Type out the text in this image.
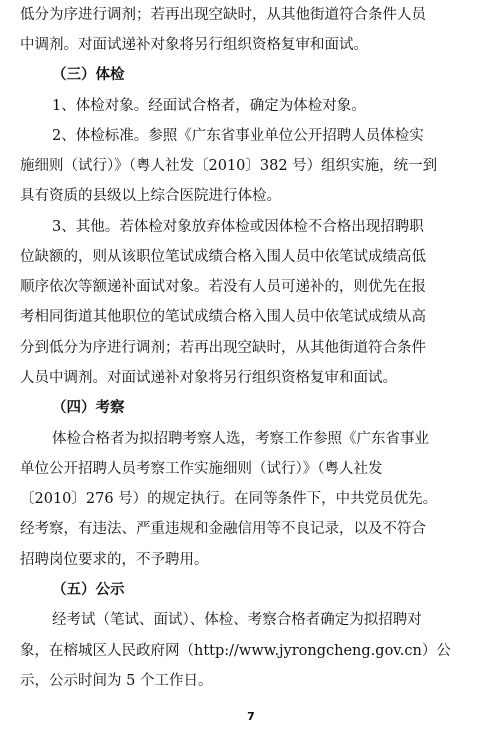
低分为序进行调剂；若再出现空缺时，从其他街道符合条件人员
中调剂。对面试递补对象将另行组织资格复审和面试。
（三）体检
1、体检对象。经面试合格者，确定为体检对象。
2、体检标准。参照《广东省事业单位公开招聘人员体检实
施细则（试行）》（粤人社发〔2010〕382 号）组织实施，统一到
具有资质的县级以上综合医院进行体检。
3、其他。若体检对象放弃体检或因体检不合格出现招聘职
位缺额的，则从该职位笔试成绩合格入围人员中依笔试成绩高低
顺序依次等额递补面试对象。若没有人员可递补的，则优先在报
考相同街道其他职位的笔试成绩合格入围人员中依笔试成绩从高
分到低分为序进行调剂；若再出现空缺时，从其他街道符合条件
人员中调剂。对面试递补对象将另行组织资格复审和面试。
（四）考察
体检合格者为拟招聘考察人选，考察工作参照《广东省事业
单位公开招聘人员考察工作实施细则（试行）》（粤人社发
〔2010〕276 号）的规定执行。在同等条件下，中共党员优先。
经考察，有违法、严重违规和金融信用等不良记录，以及不符合
招聘岗位要求的，不予聘用。
（五）公示
经考试（笔试、面试）、体检、考察合格者确定为拟招聘对
象，在榕城区人民政府网（http://www.jyrongcheng.gov.cn）公
示，公示时间为 5 个工作日。
7
